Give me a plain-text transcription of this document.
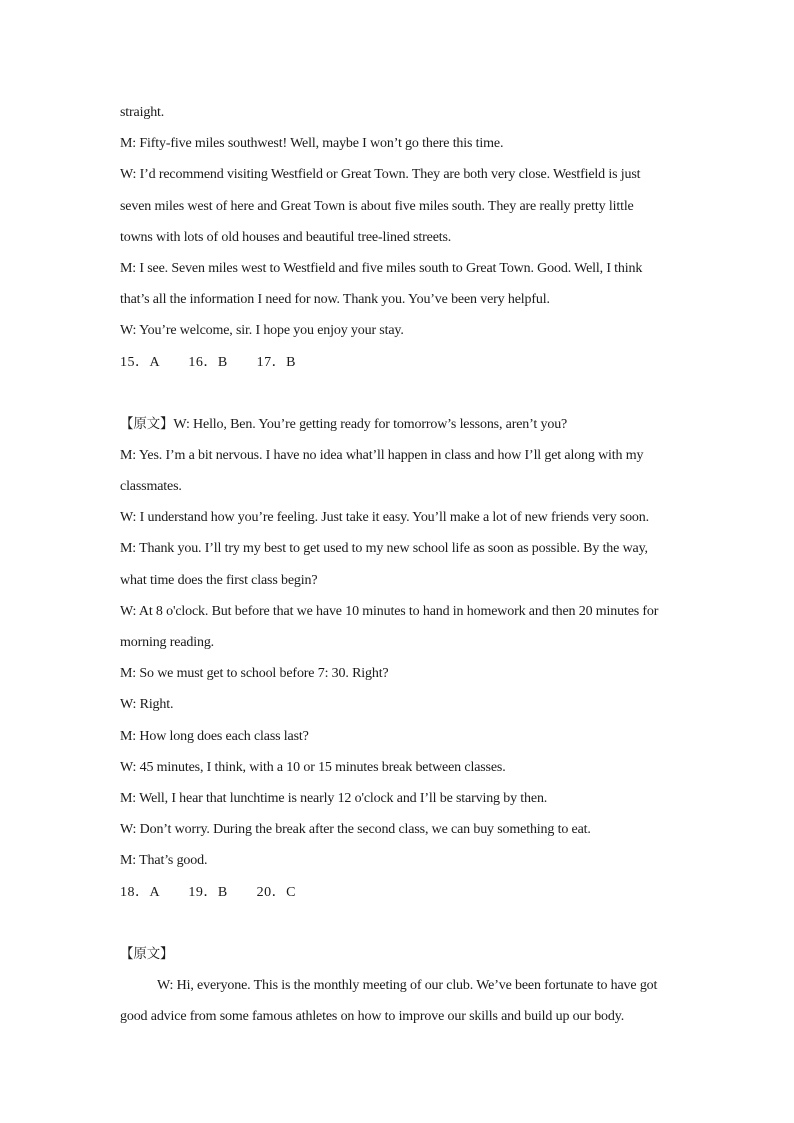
straight.
M: Fifty-five miles southwest! Well, maybe I won’t go there this time.
W: I’d recommend visiting Westfield or Great Town. They are both very close. Westfield is just
seven miles west of here and Great Town is about five miles south. They are really pretty little
towns with lots of old houses and beautiful tree-lined streets.
M: I see. Seven miles west to Westfield and five miles south to Great Town. Good. Well, I think
that’s all the information I need for now. Thank you. You’ve been very helpful.
W: You’re welcome, sir. I hope you enjoy your stay.
15．A　　16．B　　17．B
【原文】W: Hello, Ben. You’re getting ready for tomorrow’s lessons, aren’t you?
M: Yes. I’m a bit nervous. I have no idea what’ll happen in class and how I’ll get along with my
classmates.
W: I understand how you’re feeling. Just take it easy. You’ll make a lot of new friends very soon.
M: Thank you. I’ll try my best to get used to my new school life as soon as possible. By the way,
what time does the first class begin?
W: At 8 o'clock. But before that we have 10 minutes to hand in homework and then 20 minutes for
morning reading.
M: So we must get to school before 7: 30. Right?
W: Right.
M: How long does each class last?
W: 45 minutes, I think, with a 10 or 15 minutes break between classes.
M: Well, I hear that lunchtime is nearly 12 o'clock and I’ll be starving by then.
W: Don’t worry. During the break after the second class, we can buy something to eat.
M: That’s good.
18．A　　19．B　　20．C
【原文】
W: Hi, everyone. This is the monthly meeting of our club. We’ve been fortunate to have got
good advice from some famous athletes on how to improve our skills and build up our body.
